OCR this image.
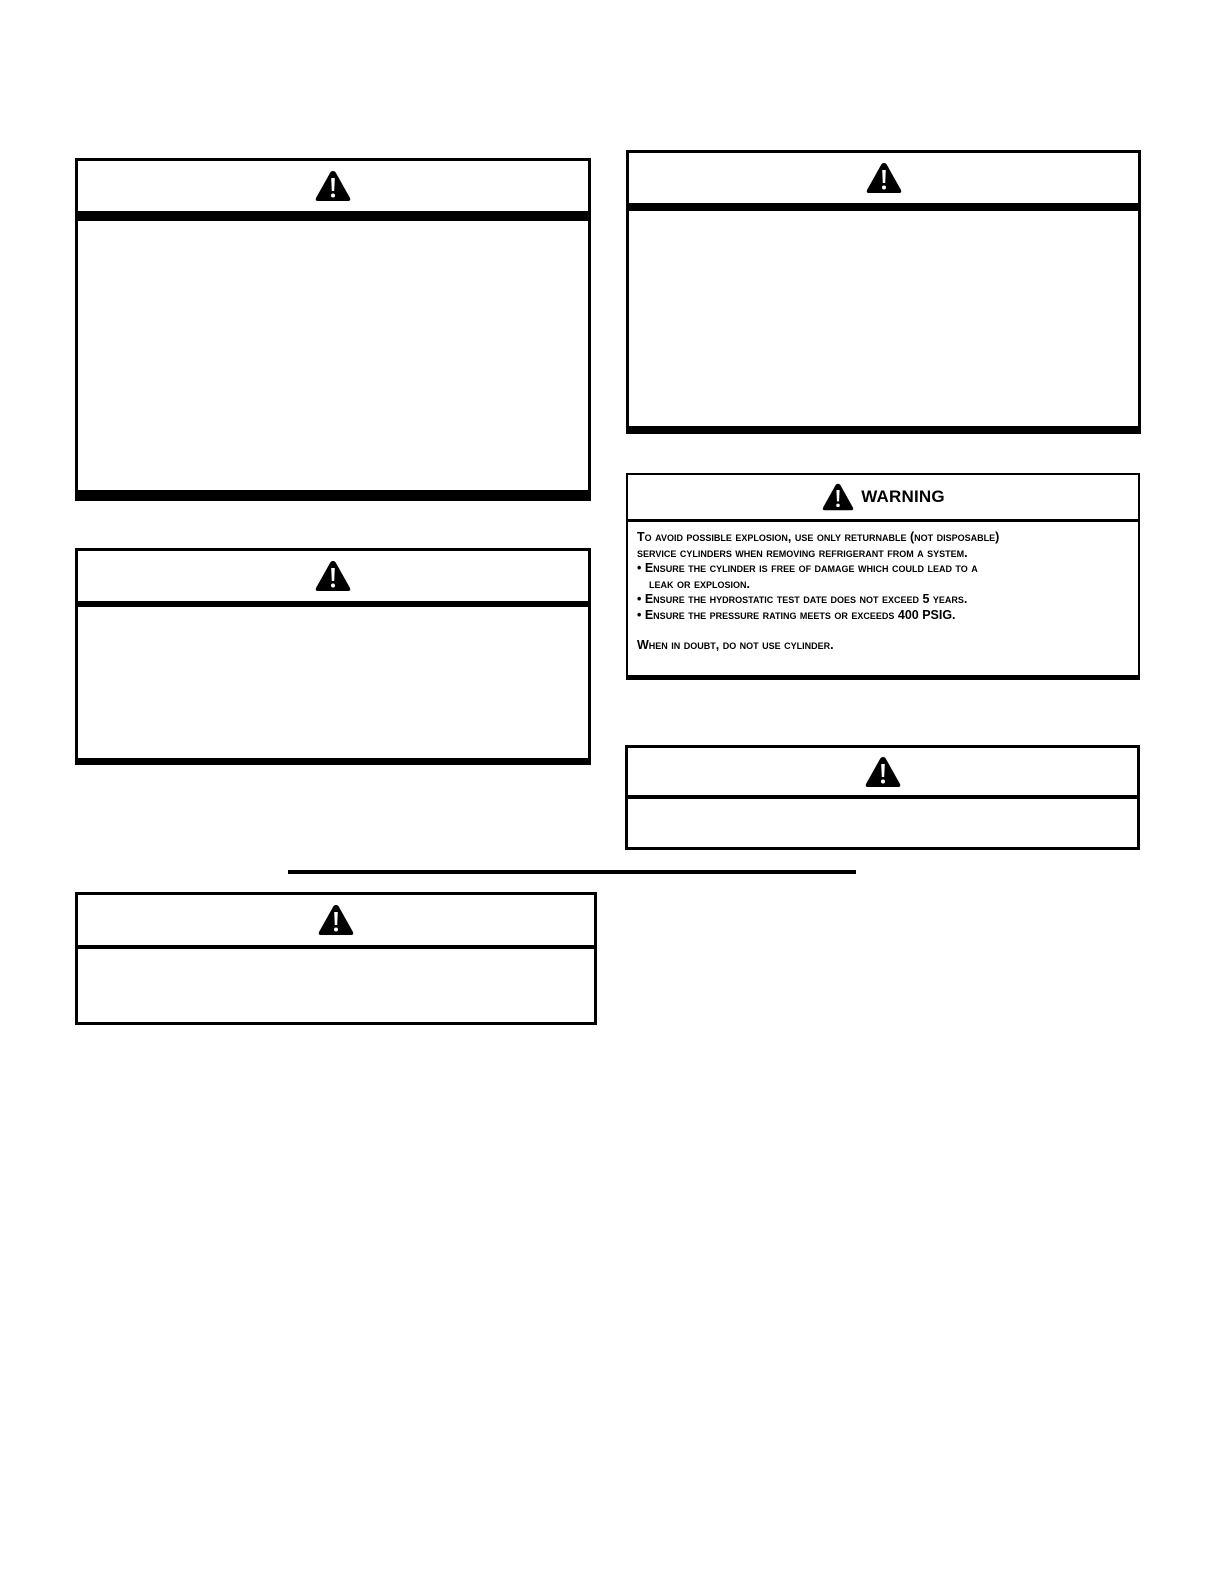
WARNING

To avoid possible explosion, use only returnable (not disposable)

service cylinders when removing refrigerant from a system.

• Ensure the cylinder is free of damage which could lead to a

leak or explosion.

• Ensure the hydrostatic test date does not exceed 5 years.

• Ensure the pressure rating meets or exceeds 400 PSIG.

When in doubt, do not use cylinder.
